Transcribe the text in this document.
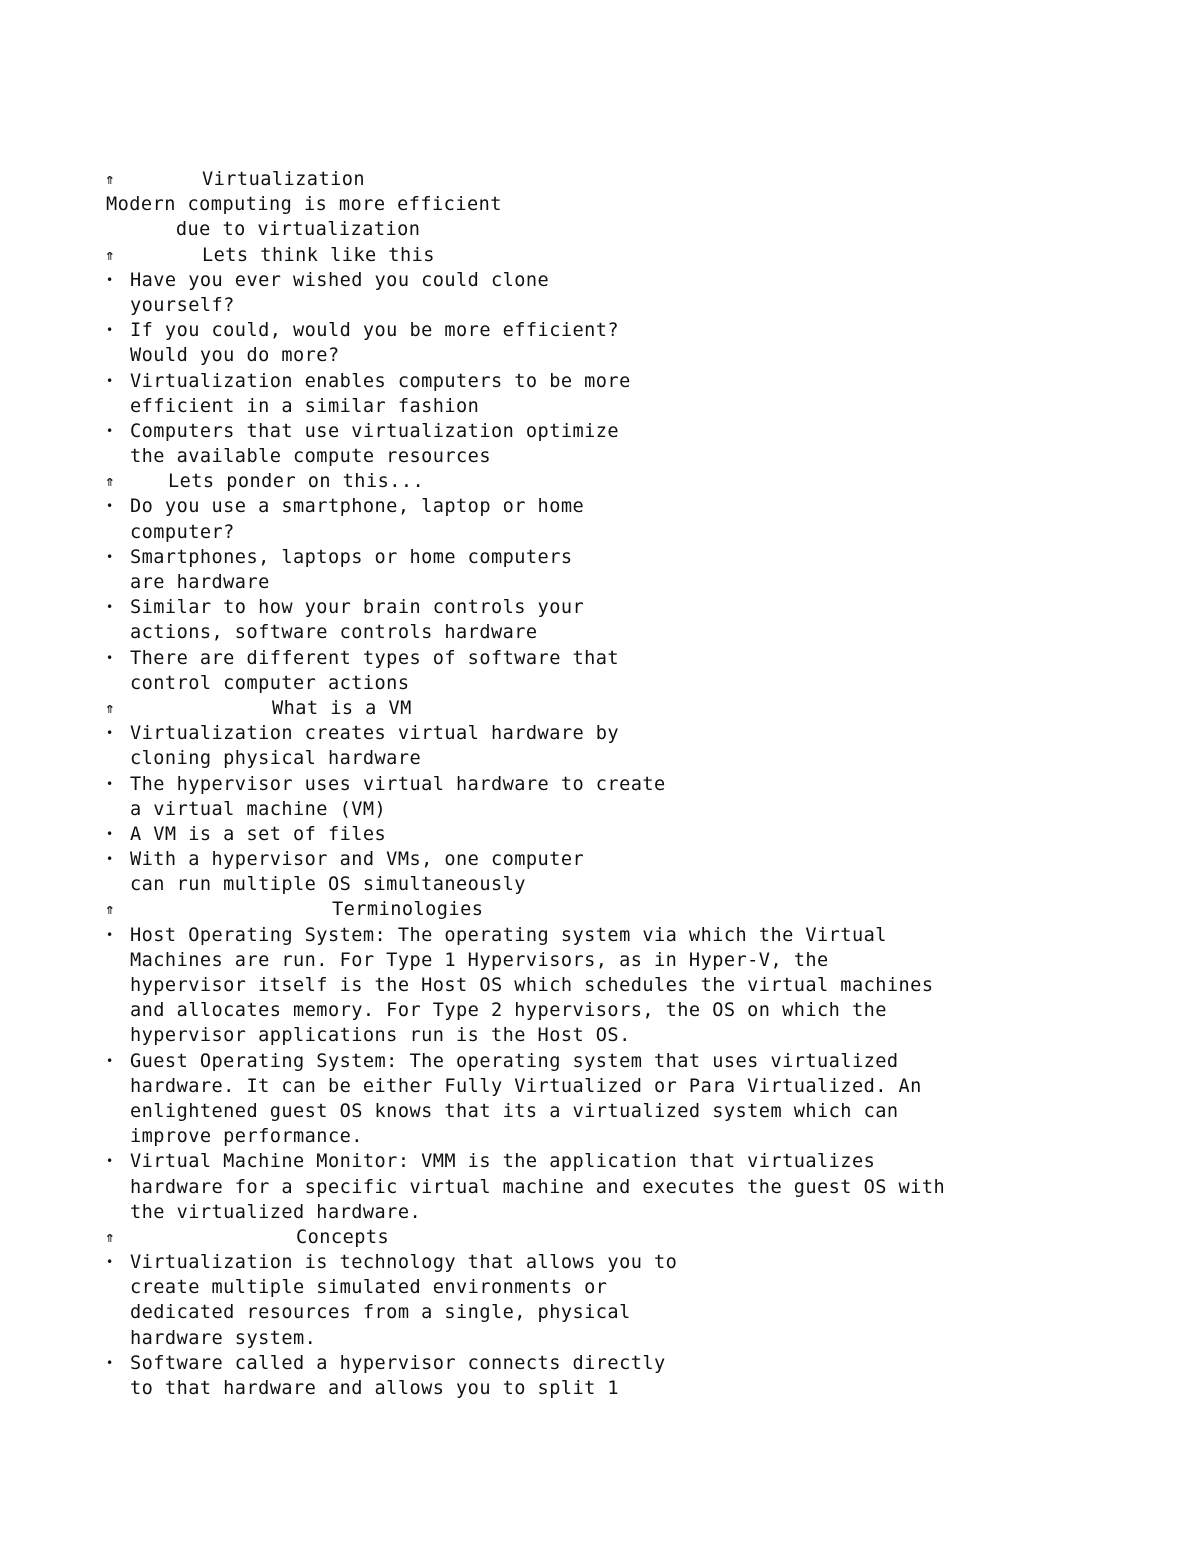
⇑	Virtualization
Modern computing is more efficient
due to virtualization
⇑	Lets think like this
• Have you ever wished you could clone
yourself?
• If you could, would you be more efficient?
Would you do more?
• Virtualization enables computers to be more
efficient in a similar fashion
• Computers that use virtualization optimize
the available compute resources
⇑	Lets ponder on this...
• Do you use a smartphone, laptop or home
computer?
• Smartphones, laptops or home computers
are hardware
• Similar to how your brain controls your
actions, software controls hardware
• There are different types of software that
control computer actions
⇑	What is a VM
• Virtualization creates virtual hardware by
cloning physical hardware
• The hypervisor uses virtual hardware to create
a virtual machine (VM)
• A VM is a set of files
• With a hypervisor and VMs, one computer
can run multiple OS simultaneously
⇑	Terminologies
• Host Operating System: The operating system via which the Virtual
Machines are run. For Type 1 Hypervisors, as in Hyper-V, the
hypervisor itself is the Host OS which schedules the virtual machines
and allocates memory. For Type 2 hypervisors, the OS on which the
hypervisor applications run is the Host OS.
• Guest Operating System: The operating system that uses virtualized
hardware. It can be either Fully Virtualized or Para Virtualized. An
enlightened guest OS knows that its a virtualized system which can
improve performance.
• Virtual Machine Monitor: VMM is the application that virtualizes
hardware for a specific virtual machine and executes the guest OS with
the virtualized hardware.
⇑	Concepts
• Virtualization is technology that allows you to
create multiple simulated environments or
dedicated resources from a single, physical
hardware system.
• Software called a hypervisor connects directly
to that hardware and allows you to split 1
